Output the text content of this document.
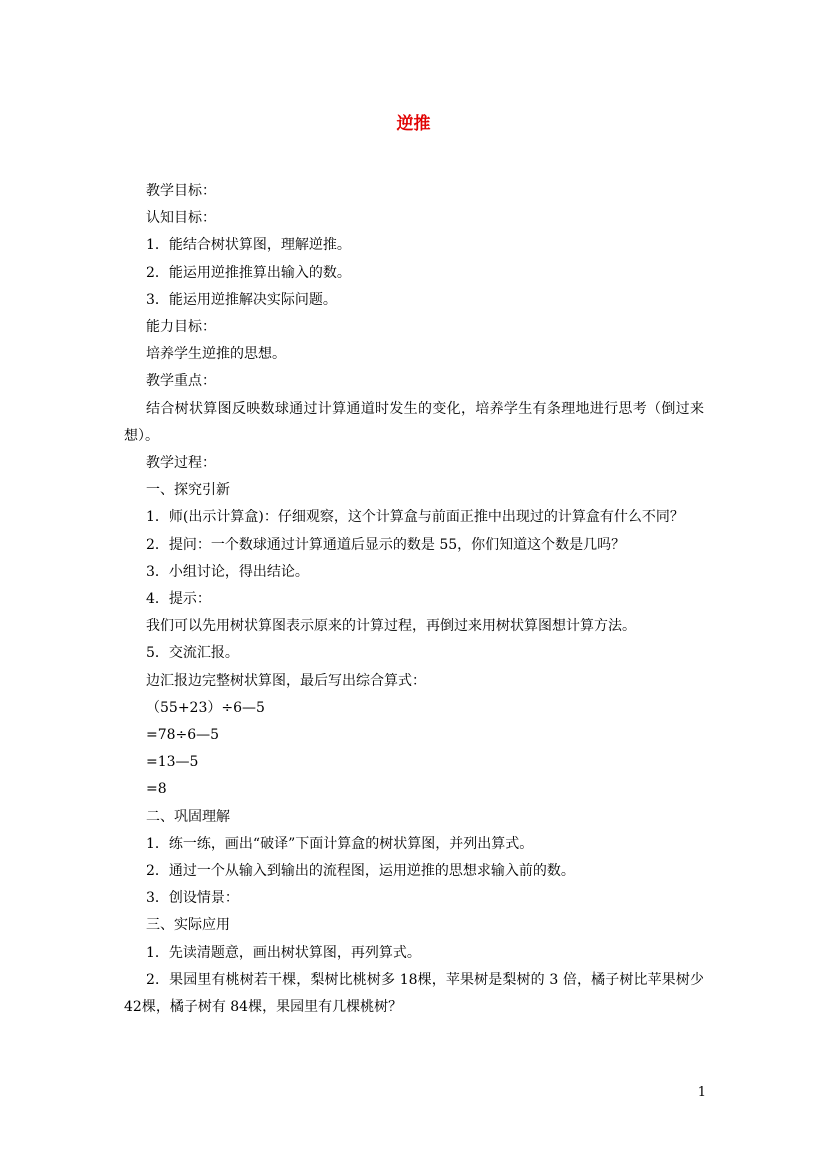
逆推

教学目标：

认知目标：

1．能结合树状算图，理解逆推。

2．能运用逆推推算出输入的数。

3．能运用逆推解决实际问题。

能力目标：

培养学生逆推的思想。

教学重点：

结合树状算图反映数球通过计算通道时发生的变化，培养学生有条理地进行思考（倒过来想）。

教学过程：

一、探究引新

1．师(出示计算盒)：仔细观察，这个计算盒与前面正推中出现过的计算盒有什么不同？

2．提问：一个数球通过计算通道后显示的数是 55，你们知道这个数是几吗？

3．小组讨论，得出结论。

4．提示：

我们可以先用树状算图表示原来的计算过程，再倒过来用树状算图想计算方法。

5．交流汇报。

边汇报边完整树状算图，最后写出综合算式：

（55+23）÷6—5

=78÷6—5

=13—5

=8

二、巩固理解

1．练一练，画出“破译”下面计算盒的树状算图，并列出算式。

2．通过一个从输入到输出的流程图，运用逆推的思想求输入前的数。

3．创设情景：

三、实际应用

1．先读清题意，画出树状算图，再列算式。

2．果园里有桃树若干棵，梨树比桃树多 18棵，苹果树是梨树的 3 倍，橘子树比苹果树少 42棵，橘子树有 84棵，果园里有几棵桃树？

1
